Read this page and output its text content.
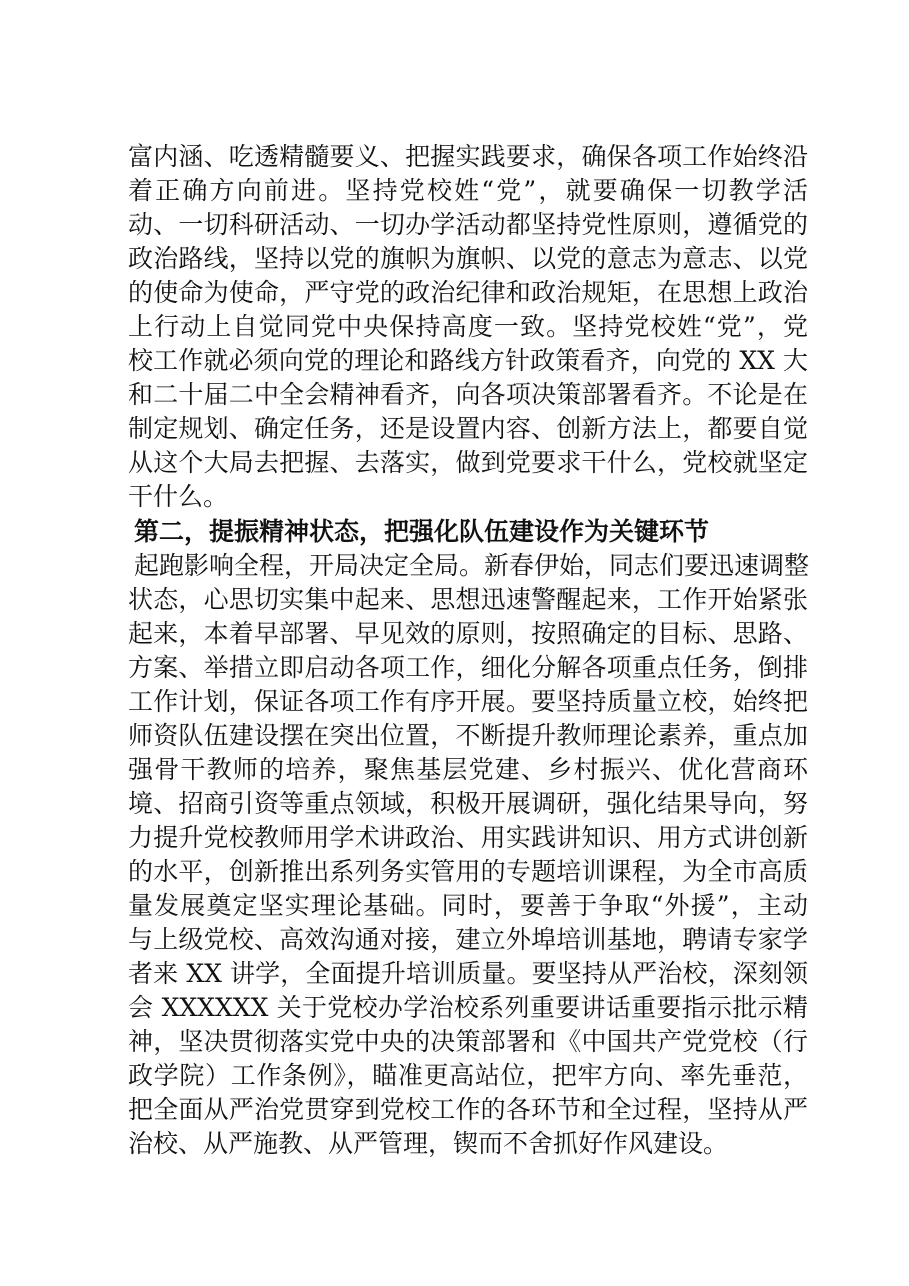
富内涵、吃透精髓要义、把握实践要求，确保各项工作始终沿
着正确方向前进。坚持党校姓“党”，就要确保一切教学活
动、一切科研活动、一切办学活动都坚持党性原则，遵循党的
政治路线，坚持以党的旗帜为旗帜、以党的意志为意志、以党
的使命为使命，严守党的政治纪律和政治规矩，在思想上政治
上行动上自觉同党中央保持高度一致。坚持党校姓“党”，党
校工作就必须向党的理论和路线方针政策看齐，向党的 XX 大
和二十届二中全会精神看齐，向各项决策部署看齐。不论是在
制定规划、确定任务，还是设置内容、创新方法上，都要自觉
从这个大局去把握、去落实，做到党要求干什么，党校就坚定
干什么。
第二，提振精神状态，把强化队伍建设作为关键环节
起跑影响全程，开局决定全局。新春伊始，同志们要迅速调整
状态，心思切实集中起来、思想迅速警醒起来，工作开始紧张
起来，本着早部署、早见效的原则，按照确定的目标、思路、
方案、举措立即启动各项工作，细化分解各项重点任务，倒排
工作计划，保证各项工作有序开展。要坚持质量立校，始终把
师资队伍建设摆在突出位置，不断提升教师理论素养，重点加
强骨干教师的培养，聚焦基层党建、乡村振兴、优化营商环
境、招商引资等重点领域，积极开展调研，强化结果导向，努
力提升党校教师用学术讲政治、用实践讲知识、用方式讲创新
的水平，创新推出系列务实管用的专题培训课程，为全市高质
量发展奠定坚实理论基础。同时，要善于争取“外援”，主动
与上级党校、高效沟通对接，建立外埠培训基地，聘请专家学
者来 XX 讲学，全面提升培训质量。要坚持从严治校，深刻领
会 XXXXXX 关于党校办学治校系列重要讲话重要指示批示精
神，坚决贯彻落实党中央的决策部署和《中国共产党党校（行
政学院）工作条例》，瞄准更高站位，把牢方向、率先垂范，
把全面从严治党贯穿到党校工作的各环节和全过程，坚持从严
治校、从严施教、从严管理，锲而不舍抓好作风建设。
